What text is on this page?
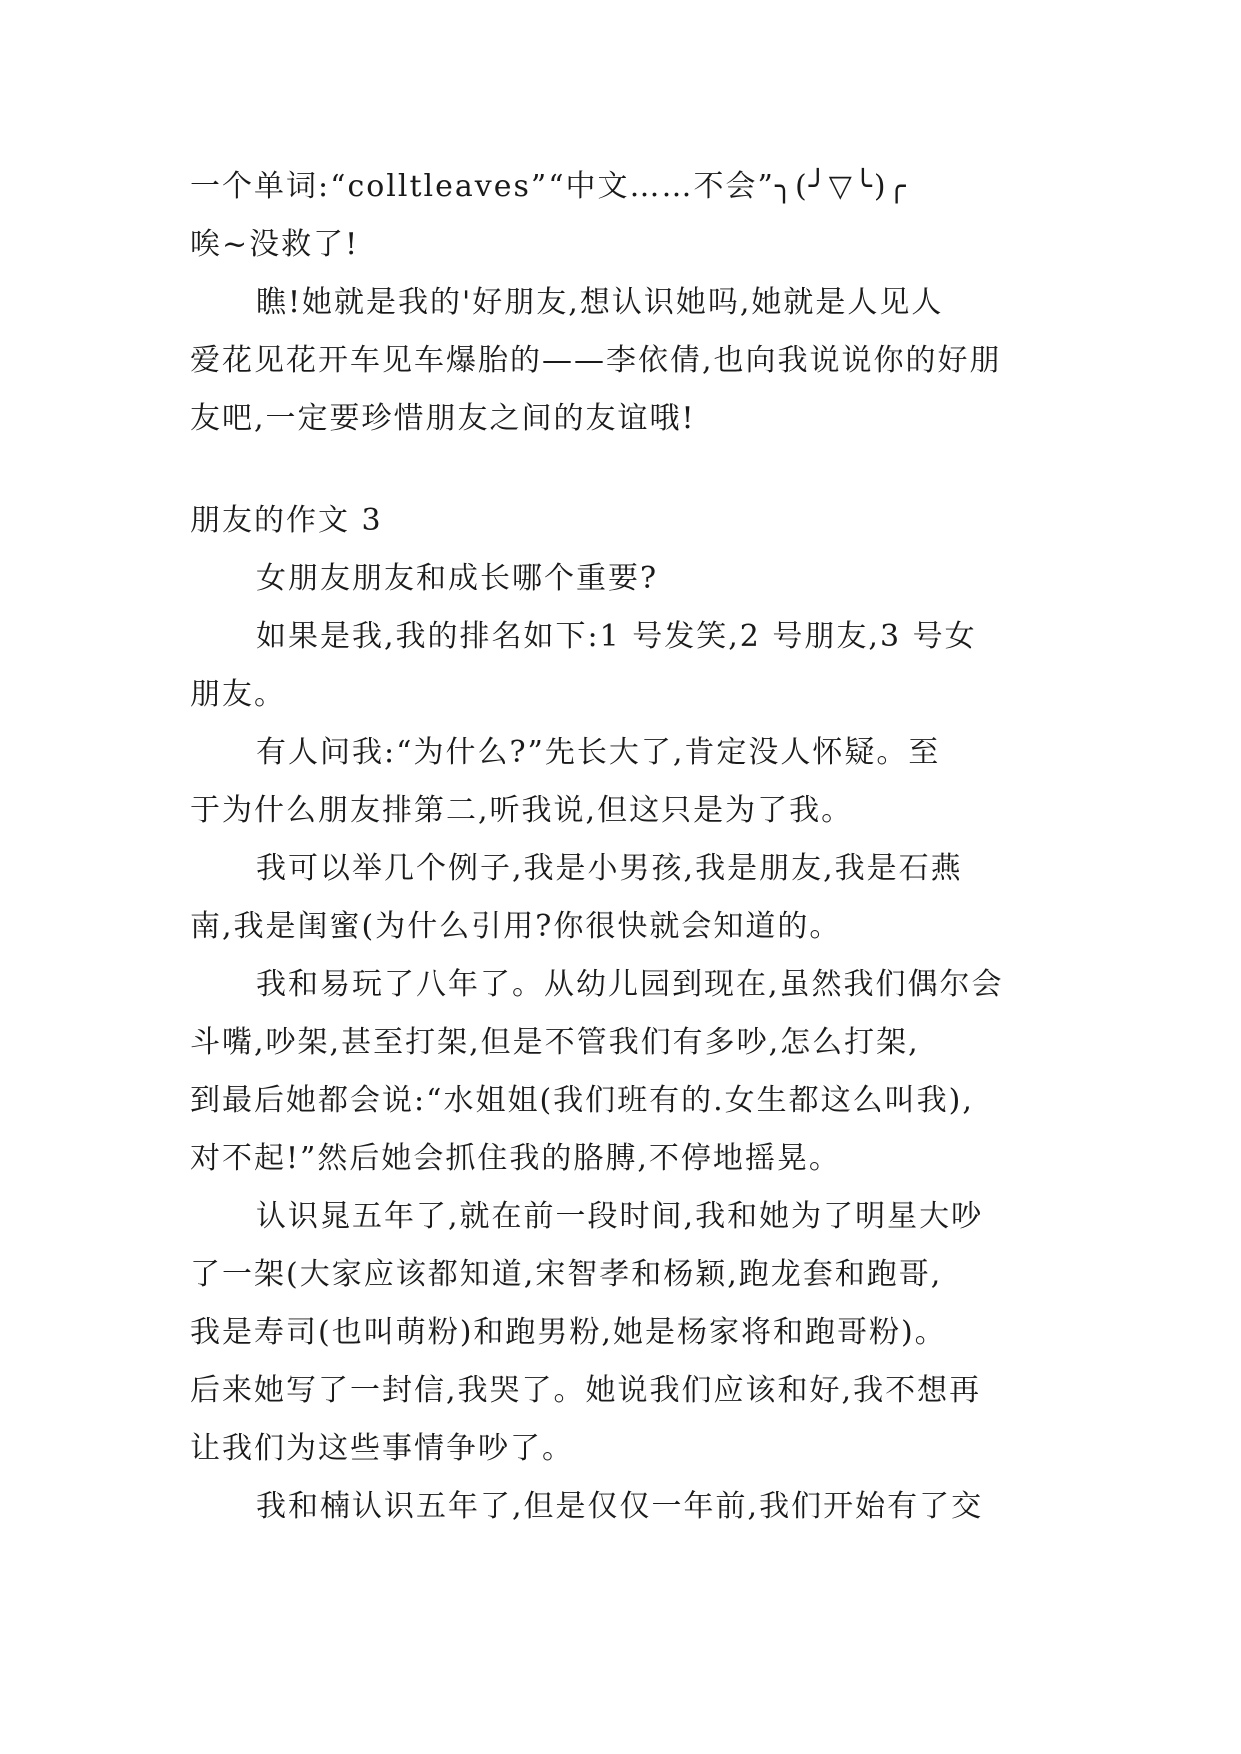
一个单词:“colltleaves”“中文……不会”╮(╯▽╰)╭
唉~没救了!
瞧!她就是我的'好朋友,想认识她吗,她就是人见人
爱花见花开车见车爆胎的——李依倩,也向我说说你的好朋
友吧,一定要珍惜朋友之间的友谊哦!
朋友的作文 3
女朋友朋友和成长哪个重要?
如果是我,我的排名如下:1 号发笑,2 号朋友,3 号女
朋友。
有人问我:“为什么?”先长大了,肯定没人怀疑。至
于为什么朋友排第二,听我说,但这只是为了我。
我可以举几个例子,我是小男孩,我是朋友,我是石燕
南,我是闺蜜(为什么引用?你很快就会知道的。
我和易玩了八年了。从幼儿园到现在,虽然我们偶尔会
斗嘴,吵架,甚至打架,但是不管我们有多吵,怎么打架,
到最后她都会说:“水姐姐(我们班有的.女生都这么叫我),
对不起!”然后她会抓住我的胳膊,不停地摇晃。
认识晁五年了,就在前一段时间,我和她为了明星大吵
了一架(大家应该都知道,宋智孝和杨颖,跑龙套和跑哥,
我是寿司(也叫萌粉)和跑男粉,她是杨家将和跑哥粉)。
后来她写了一封信,我哭了。她说我们应该和好,我不想再
让我们为这些事情争吵了。
我和楠认识五年了,但是仅仅一年前,我们开始有了交
